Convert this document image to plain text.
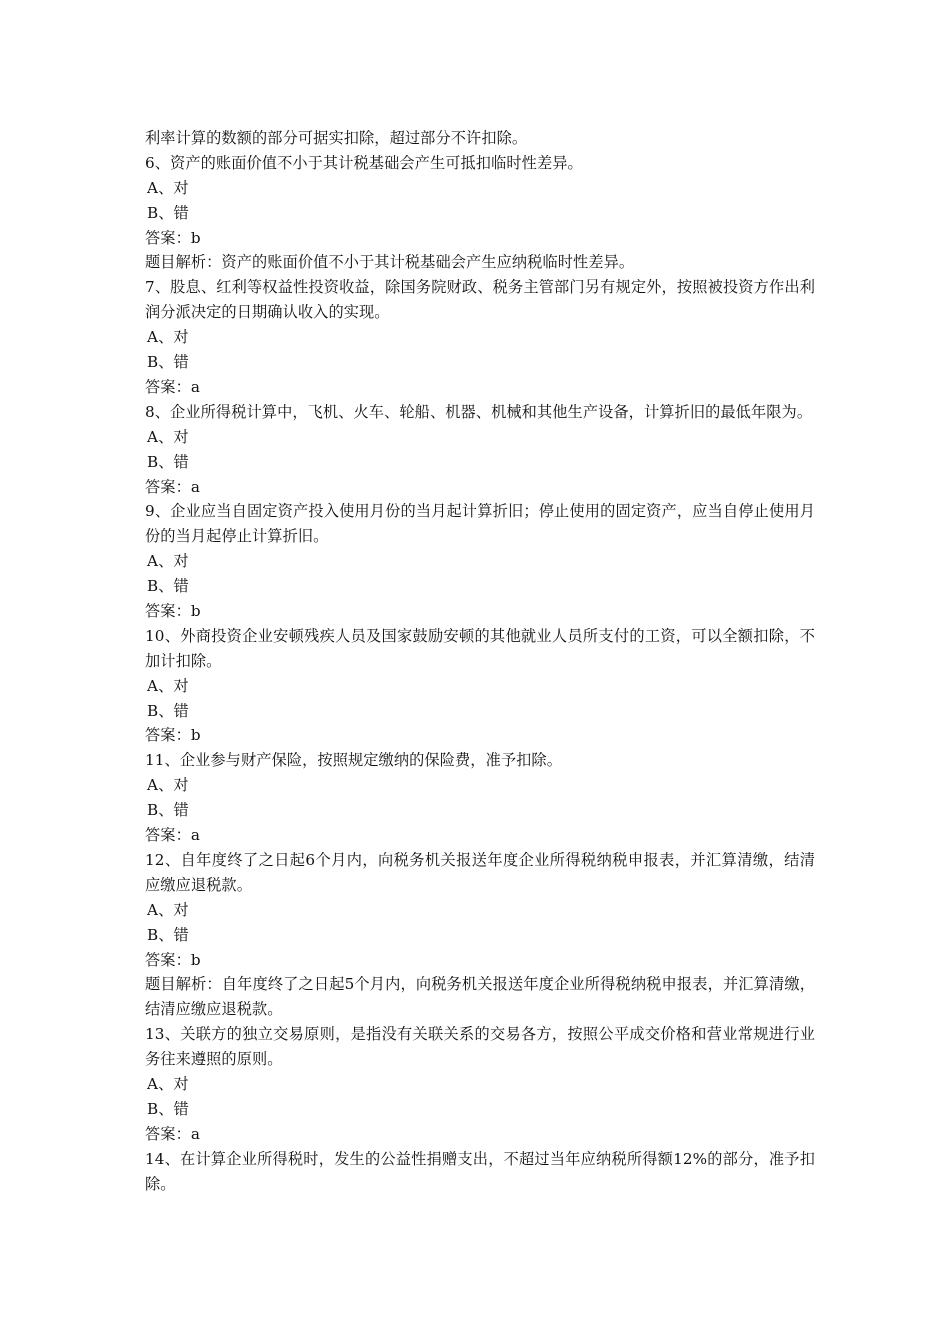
利率计算的数额的部分可据实扣除，超过部分不许扣除。
6、资产的账面价值不小于其计税基础会产生可抵扣临时性差异。
A、对
B、错
答案：b
题目解析：资产的账面价值不小于其计税基础会产生应纳税临时性差异。
7、股息、红利等权益性投资收益，除国务院财政、税务主管部门另有规定外，按照被投资方作出利润分派决定的日期确认收入的实现。
A、对
B、错
答案：a
8、企业所得税计算中，飞机、火车、轮船、机器、机械和其他生产设备，计算折旧的最低年限为。
A、对
B、错
答案：a
9、企业应当自固定资产投入使用月份的当月起计算折旧；停止使用的固定资产，应当自停止使用月份的当月起停止计算折旧。
A、对
B、错
答案：b
10、外商投资企业安顿残疾人员及国家鼓励安顿的其他就业人员所支付的工资，可以全额扣除，不加计扣除。
A、对
B、错
答案：b
11、企业参与财产保险，按照规定缴纳的保险费，准予扣除。
A、对
B、错
答案：a
12、自年度终了之日起6个月内，向税务机关报送年度企业所得税纳税申报表，并汇算清缴，结清应缴应退税款。
A、对
B、错
答案：b
题目解析：自年度终了之日起5个月内，向税务机关报送年度企业所得税纳税申报表，并汇算清缴，结清应缴应退税款。
13、关联方的独立交易原则，是指没有关联关系的交易各方，按照公平成交价格和营业常规进行业务往来遵照的原则。
A、对
B、错
答案：a
14、在计算企业所得税时，发生的公益性捐赠支出，不超过当年应纳税所得额12%的部分，准予扣除。
